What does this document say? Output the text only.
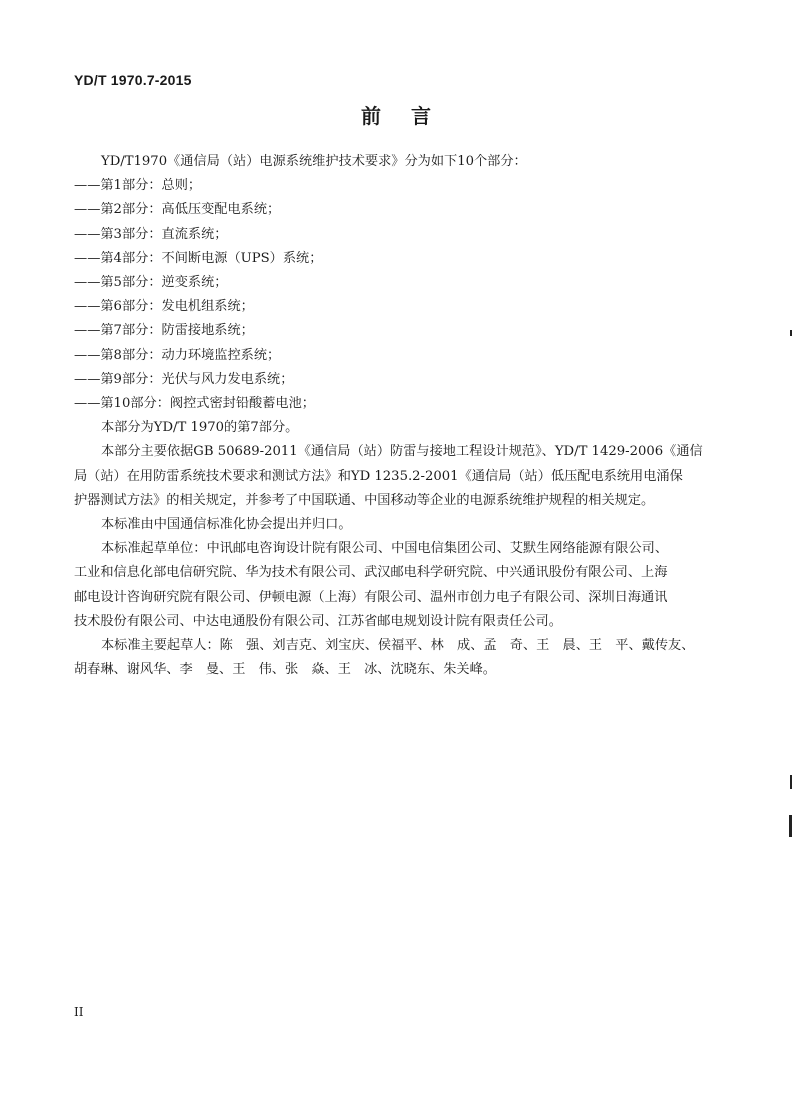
YD/T 1970.7-2015
前 言

YD/T1970《通信局（站）电源系统维护技术要求》分为如下10个部分：

——第1部分：总则；

——第2部分：高低压变配电系统；

——第3部分：直流系统；

——第4部分：不间断电源（UPS）系统；

——第5部分：逆变系统；

——第6部分：发电机组系统；

——第7部分：防雷接地系统；

——第8部分：动力环境监控系统；

——第9部分：光伏与风力发电系统；

——第10部分：阀控式密封铅酸蓄电池；

本部分为YD/T 1970的第7部分。

本部分主要依据GB 50689-2011《通信局（站）防雷与接地工程设计规范》、YD/T 1429-2006《通信

局（站）在用防雷系统技术要求和测试方法》和YD 1235.2-2001《通信局（站）低压配电系统用电涌保

护器测试方法》的相关规定，并参考了中国联通、中国移动等企业的电源系统维护规程的相关规定。

本标准由中国通信标准化协会提出并归口。

本标准起草单位：中讯邮电咨询设计院有限公司、中国电信集团公司、艾默生网络能源有限公司、

工业和信息化部电信研究院、华为技术有限公司、武汉邮电科学研究院、中兴通讯股份有限公司、上海

邮电设计咨询研究院有限公司、伊顿电源（上海）有限公司、温州市创力电子有限公司、深圳日海通讯

技术股份有限公司、中达电通股份有限公司、江苏省邮电规划设计院有限责任公司。

本标准主要起草人：陈　强、刘吉克、刘宝庆、侯福平、林　成、孟　奇、王　晨、王　平、戴传友、

胡春琳、谢风华、李　曼、王　伟、张　焱、王　冰、沈晓东、朱关峰。

II
